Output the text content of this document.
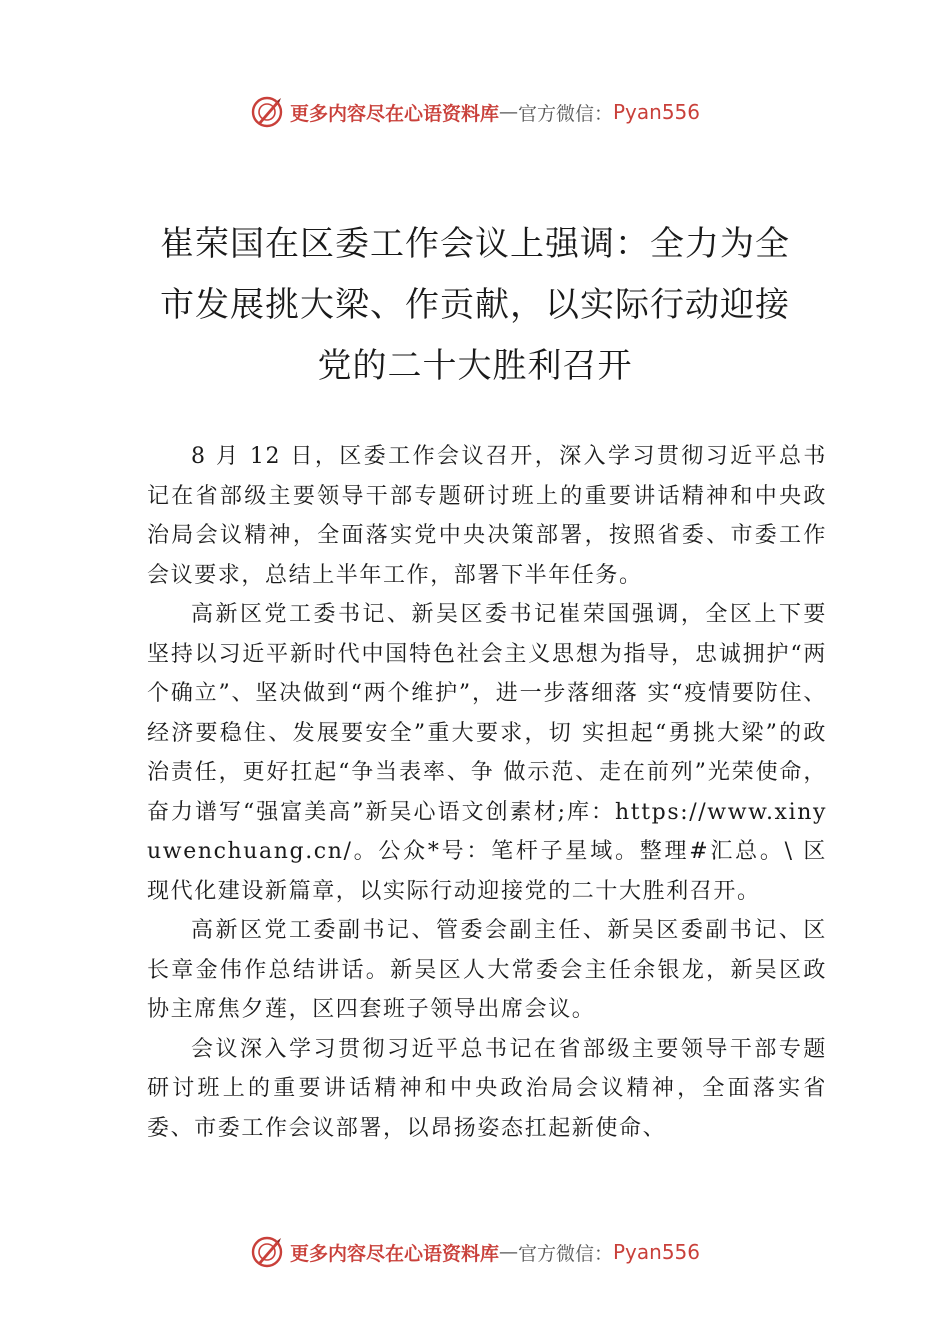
更多内容尽在心语资料库 — 官方微信： Pyan556
崔荣国在区委工作会议上强调：全力为全
市发展挑大梁、作贡献，以实际行动迎接
党的二十大胜利召开

8 月 12 日，区委工作会议召开，深入学习贯彻习近平总书记在省部级主要领导干部专题研讨班上的重要讲话精神和中央政治局会议精神，全面落实党中央决策部署，按照省委、市委工作会议要求，总结上半年工作，部署下半年任务。

高新区党工委书记、新吴区委书记崔荣国强调，全区上下要坚持以习近平新时代中国特色社会主义思想为指导，忠诚拥护“两个确立”、坚决做到“两个维护”，进一步落细落 实“疫情要防住、经济要稳住、发展要安全”重大要求，切 实担起“勇挑大梁”的政治责任，更好扛起“争当表率、争 做示范、走在前列”光荣使命，奋力谱写“强富美高”新吴心语文创素材;库：https://www.xinyuwenchuang.cn/。公众*号：笔杆子星域。整理#汇总。\ 区现代化建设新篇章，以实际行动迎接党的二十大胜利召开。

高新区党工委副书记、管委会副主任、新吴区委副书记、区长章金伟作总结讲话。新吴区人大常委会主任余银龙，新吴区政协主席焦夕莲，区四套班子领导出席会议。

会议深入学习贯彻习近平总书记在省部级主要领导干部专题研讨班上的重要讲话精神和中央政治局会议精神，全面落实省委、市委工作会议部署，以昂扬姿态扛起新使命、

更多内容尽在心语资料库 — 官方微信： Pyan556
